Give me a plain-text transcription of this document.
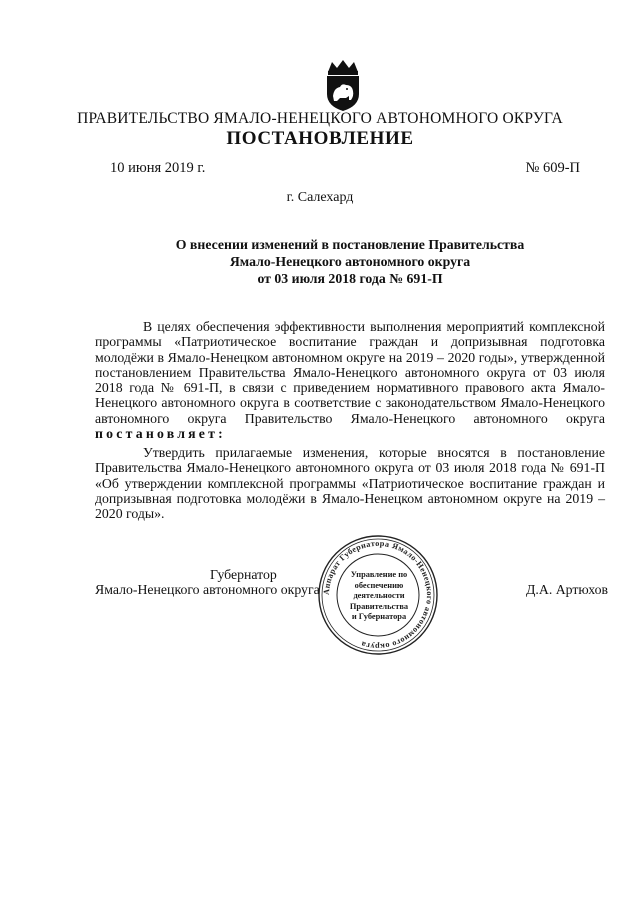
ПРАВИТЕЛЬСТВО ЯМАЛО-НЕНЕЦКОГО АВТОНОМНОГО ОКРУГА
ПОСТАНОВЛЕНИЕ
10 июня 2019 г.	№ 609-П
г. Салехард
О внесении изменений в постановление Правительства
Ямало-Ненецкого автономного округа
от 03 июля 2018 года № 691-П

В целях обеспечения эффективности выполнения мероприятий комплексной программы «Патриотическое воспитание граждан и допризывная подготовка молодёжи в Ямало-Ненецком автономном округе на 2019 – 2020 годы», утвержденной постановлением Правительства Ямало-Ненецкого автономного округа от 03 июля 2018 года № 691-П, в связи с приведением нормативного правового акта Ямало-Ненецкого автономного округа в соответствие с законодательством Ямало-Ненецкого автономного округа Правительство Ямало-Ненецкого автономного округа постановляет:

Утвердить прилагаемые изменения, которые вносятся в постановление Правительства Ямало-Ненецкого автономного округа от 03 июля 2018 года № 691-П «Об утверждении комплексной программы «Патриотическое воспитание граждан и допризывная подготовка молодёжи в Ямало-Ненецком автономном округе на 2019 – 2020 годы».

Губернатор
Ямало-Ненецкого автономного округа	Д.А. Артюхов
Аппарат Губернатора Ямало-Ненецкого автономного округа
Управление по
обеспечению
деятельности
Правительства
и Губернатора
